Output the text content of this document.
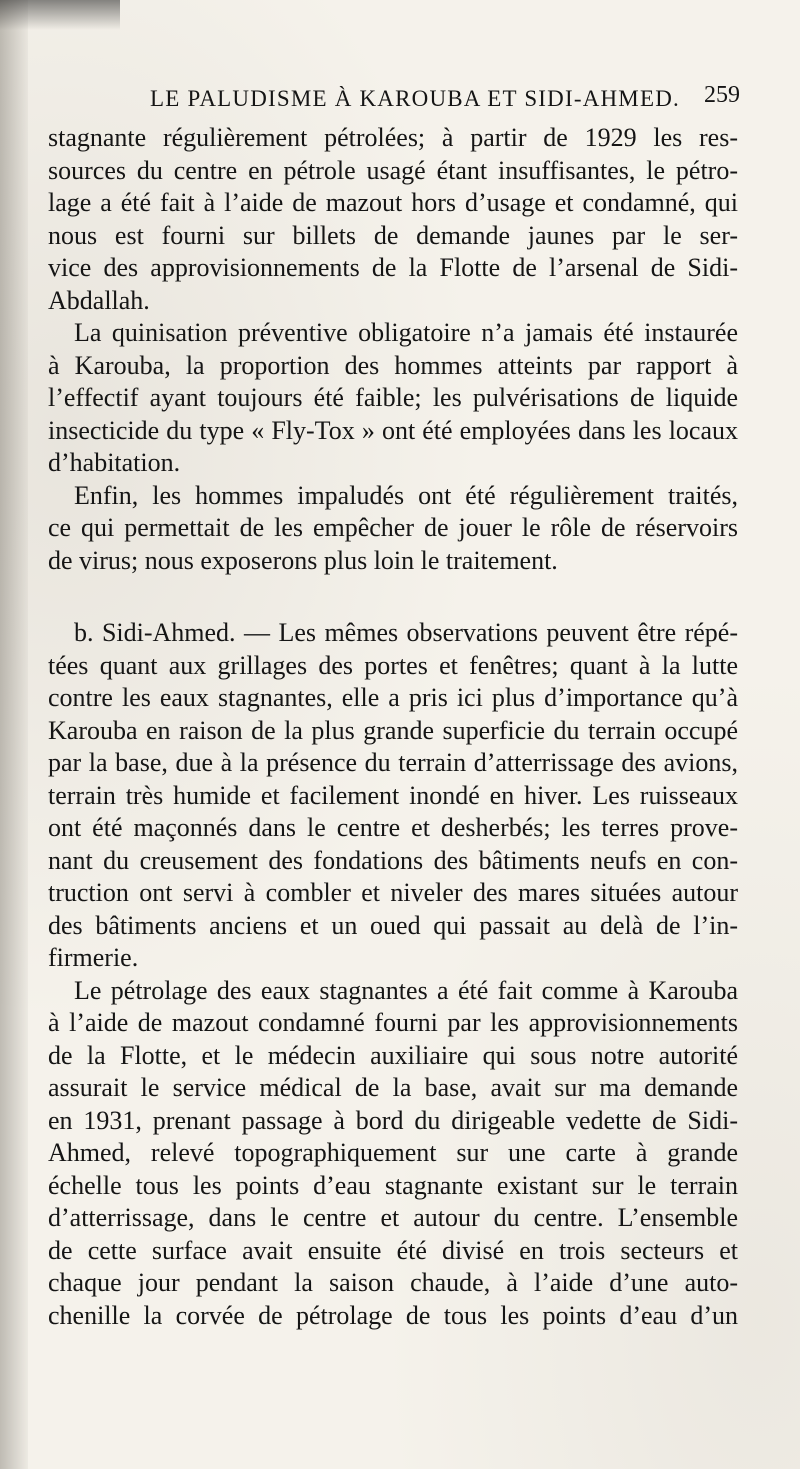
LE PALUDISME À KAROUBA ET SIDI-AHMED. 259
stagnante régulièrement pétrolées; à partir de 1929 les res-
sources du centre en pétrole usagé étant insuffisantes, le pétro-
lage a été fait à l’aide de mazout hors d’usage et condamné, qui
nous est fourni sur billets de demande jaunes par le ser-
vice des approvisionnements de la Flotte de l’arsenal de Sidi-
Abdallah.
La quinisation préventive obligatoire n’a jamais été instaurée
à Karouba, la proportion des hommes atteints par rapport à
l’effectif ayant toujours été faible; les pulvérisations de liquide
insecticide du type « Fly-Tox » ont été employées dans les locaux
d’habitation.
Enfin, les hommes impaludés ont été régulièrement traités,
ce qui permettait de les empêcher de jouer le rôle de réservoirs
de virus; nous exposerons plus loin le traitement.
b. Sidi-Ahmed. — Les mêmes observations peuvent être répé-
tées quant aux grillages des portes et fenêtres; quant à la lutte
contre les eaux stagnantes, elle a pris ici plus d’importance qu’à
Karouba en raison de la plus grande superficie du terrain occupé
par la base, due à la présence du terrain d’atterrissage des avions,
terrain très humide et facilement inondé en hiver. Les ruisseaux
ont été maçonnés dans le centre et desherbés; les terres prove-
nant du creusement des fondations des bâtiments neufs en con-
truction ont servi à combler et niveler des mares situées autour
des bâtiments anciens et un oued qui passait au delà de l’in-
firmerie.
Le pétrolage des eaux stagnantes a été fait comme à Karouba
à l’aide de mazout condamné fourni par les approvisionnements
de la Flotte, et le médecin auxiliaire qui sous notre autorité
assurait le service médical de la base, avait sur ma demande
en 1931, prenant passage à bord du dirigeable vedette de Sidi-
Ahmed, relevé topographiquement sur une carte à grande
échelle tous les points d’eau stagnante existant sur le terrain
d’atterrissage, dans le centre et autour du centre. L’ensemble
de cette surface avait ensuite été divisé en trois secteurs et
chaque jour pendant la saison chaude, à l’aide d’une auto-
chenille la corvée de pétrolage de tous les points d’eau d’un
